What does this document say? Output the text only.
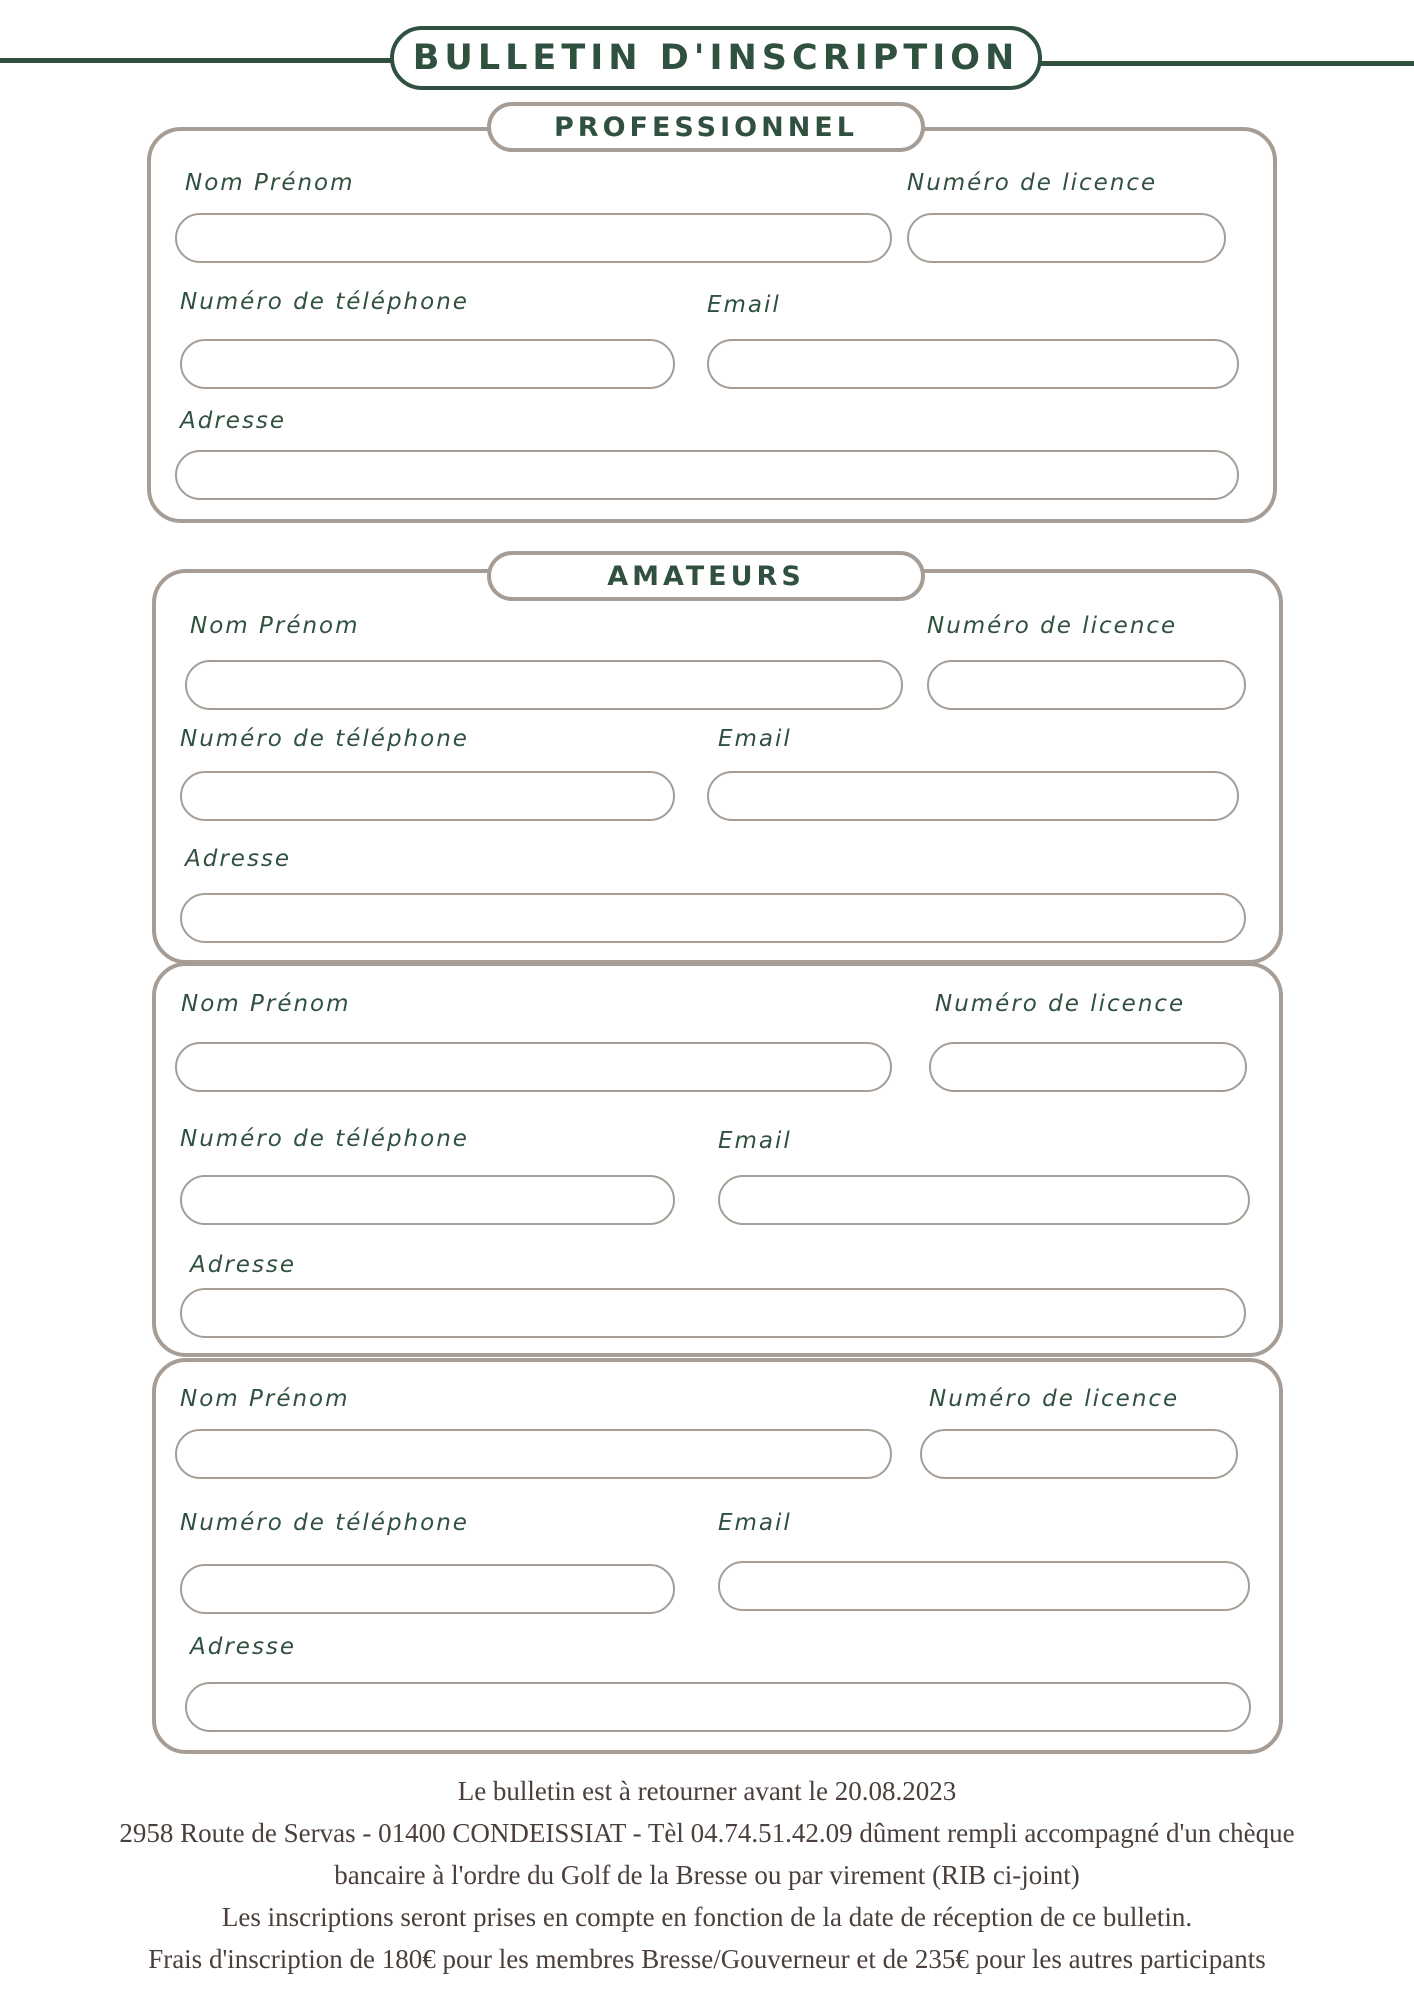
BULLETIN D'INSCRIPTION
PROFESSIONNEL
Nom Prénom	Numéro de licence
Numéro de téléphone	Email
Adresse
AMATEURS
Nom Prénom	Numéro de licence
Numéro de téléphone	Email
Adresse
Nom Prénom	Numéro de licence
Numéro de téléphone	Email
Adresse
Nom Prénom	Numéro de licence
Numéro de téléphone	Email
Adresse
Le bulletin est à retourner avant le 20.08.2023
2958 Route de Servas - 01400 CONDEISSIAT - Tèl 04.74.51.42.09 dûment rempli accompagné d'un chèque
bancaire à l'ordre du Golf de la Bresse ou par virement (RIB ci-joint)
Les inscriptions seront prises en compte en fonction de la date de réception de ce bulletin.
Frais d'inscription de 180€ pour les membres Bresse/Gouverneur et de 235€ pour les autres participants
